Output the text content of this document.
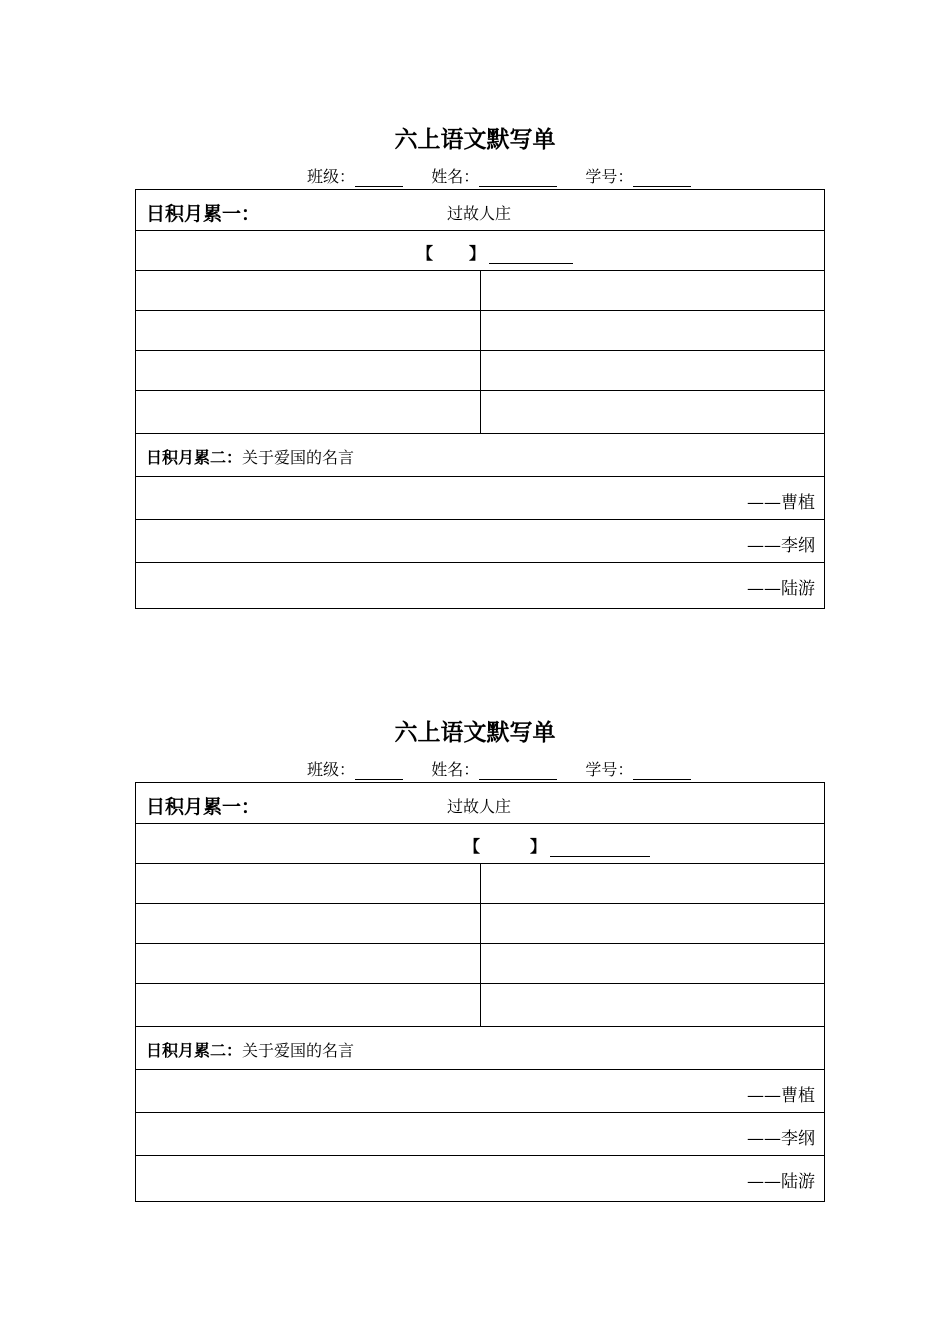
六上语文默写单
班级：	姓名：	学号：
日积月累一：	过故人庄
【 】
日积月累二：关于爱国的名言
——曹植
——李纲
——陆游
六上语文默写单
班级：	姓名：	学号：
日积月累一：	过故人庄
【	】
日积月累二：关于爱国的名言
——曹植
——李纲
——陆游
